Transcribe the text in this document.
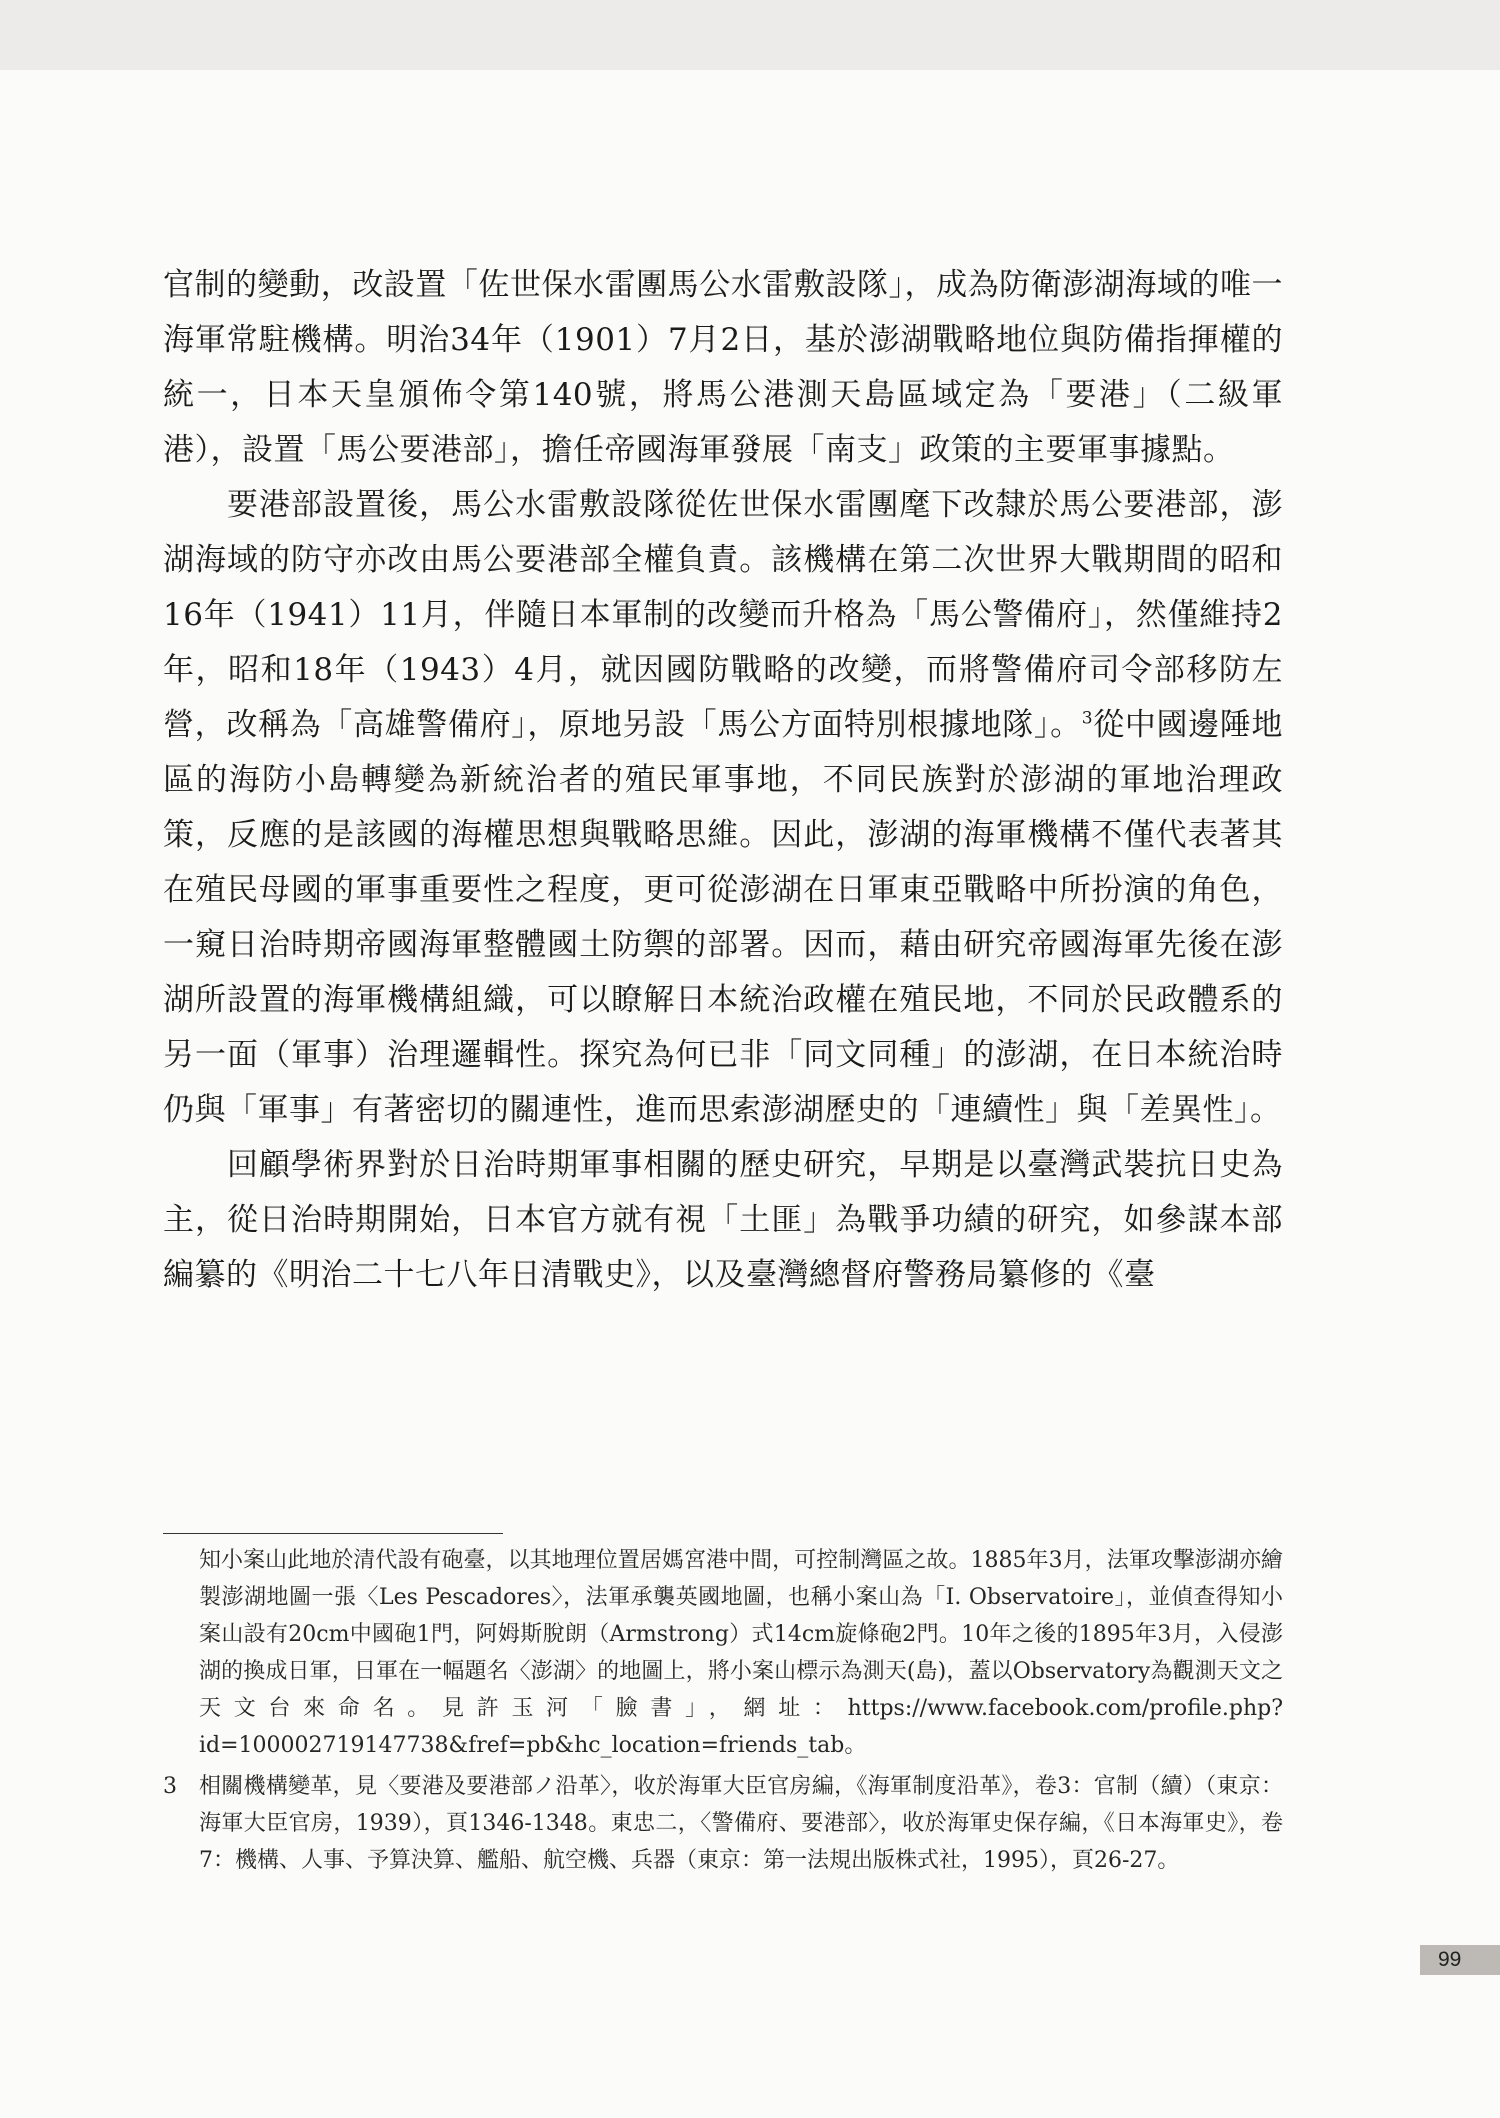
官制的變動，改設置「佐世保水雷團馬公水雷敷設隊」，成為防衛澎湖海域的唯一海軍常駐機構。明治34年（1901）7月2日，基於澎湖戰略地位與防備指揮權的統一，日本天皇頒佈令第140號，將馬公港測天島區域定為「要港」（二級軍港），設置「馬公要港部」，擔任帝國海軍發展「南支」政策的主要軍事據點。

要港部設置後，馬公水雷敷設隊從佐世保水雷團麾下改隸於馬公要港部，澎湖海域的防守亦改由馬公要港部全權負責。該機構在第二次世界大戰期間的昭和16年（1941）11月，伴隨日本軍制的改變而升格為「馬公警備府」，然僅維持2年，昭和18年（1943）4月，就因國防戰略的改變，而將警備府司令部移防左營，改稱為「高雄警備府」，原地另設「馬公方面特別根據地隊」。$^3$從中國邊陲地區的海防小島轉變為新統治者的殖民軍事地，不同民族對於澎湖的軍地治理政策，反應的是該國的海權思想與戰略思維。因此，澎湖的海軍機構不僅代表著其在殖民母國的軍事重要性之程度，更可從澎湖在日軍東亞戰略中所扮演的角色，一窺日治時期帝國海軍整體國土防禦的部署。因而，藉由研究帝國海軍先後在澎湖所設置的海軍機構組織，可以瞭解日本統治政權在殖民地，不同於民政體系的另一面（軍事）治理邏輯性。探究為何已非「同文同種」的澎湖，在日本統治時仍與「軍事」有著密切的關連性，進而思索澎湖歷史的「連續性」與「差異性」。

回顧學術界對於日治時期軍事相關的歷史研究，早期是以臺灣武裝抗日史為主，從日治時期開始，日本官方就有視「土匪」為戰爭功績的研究，如參謀本部編纂的《明治二十七八年日清戰史》，以及臺灣總督府警務局纂修的《臺

知小案山此地於清代設有砲臺，以其地理位置居媽宮港中間，可控制灣區之故。1885年3月，法軍攻擊澎湖亦繪製澎湖地圖一張〈Les Pescadores〉，法軍承襲英國地圖，也稱小案山為「I. Observatoire」，並偵查得知小案山設有20cm中國砲1門，阿姆斯脫朗（Armstrong）式14cm旋條砲2門。10年之後的1895年3月，入侵澎湖的換成日軍，日軍在一幅題名〈澎湖〉的地圖上，將小案山標示為測天(島)，蓋以Observatory為觀測天文之天文台來命名。見許玉河「臉書」，網址：https://www.facebook.com/profile.php?id=100002719147738&fref=pb&hc_location=friends_tab。

3 相關機構變革，見〈要港及要港部ノ沿革〉，收於海軍大臣官房編，《海軍制度沿革》，卷3：官制（續）（東京：海軍大臣官房，1939），頁1346-1348。東忠二，〈警備府、要港部〉，收於海軍史保存編，《日本海軍史》，卷7：機構、人事、予算決算、艦船、航空機、兵器（東京：第一法規出版株式社，1995），頁26-27。

99
